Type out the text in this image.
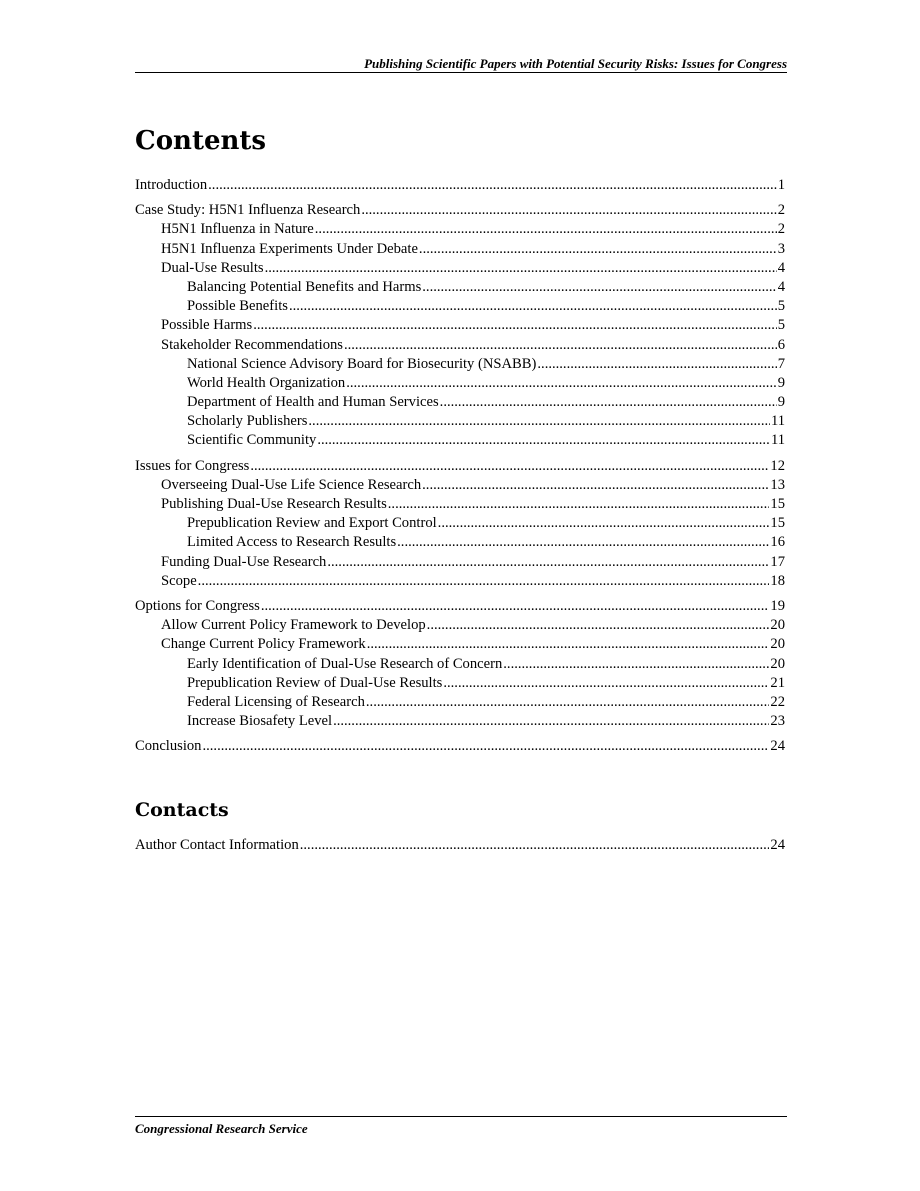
Publishing Scientific Papers with Potential Security Risks: Issues for Congress
Contents
Introduction .....	1
Case Study: H5N1 Influenza Research .....	2
H5N1 Influenza in Nature .....	2
H5N1 Influenza Experiments Under Debate .....	3
Dual-Use Results .....	4
Balancing Potential Benefits and Harms .....	4
Possible Benefits .....	5
Possible Harms .....	5
Stakeholder Recommendations .....	6
National Science Advisory Board for Biosecurity (NSABB) .....	7
World Health Organization .....	9
Department of Health and Human Services .....	9
Scholarly Publishers .....	11
Scientific Community .....	11
Issues for Congress .....	12
Overseeing Dual-Use Life Science Research .....	13
Publishing Dual-Use Research Results .....	15
Prepublication Review and Export Control .....	15
Limited Access to Research Results .....	16
Funding Dual-Use Research .....	17
Scope .....	18
Options for Congress .....	19
Allow Current Policy Framework to Develop .....	20
Change Current Policy Framework .....	20
Early Identification of Dual-Use Research of Concern .....	20
Prepublication Review of Dual-Use Results .....	21
Federal Licensing of Research .....	22
Increase Biosafety Level .....	23
Conclusion .....	24
Contacts
Author Contact Information .....	24
Congressional Research Service
